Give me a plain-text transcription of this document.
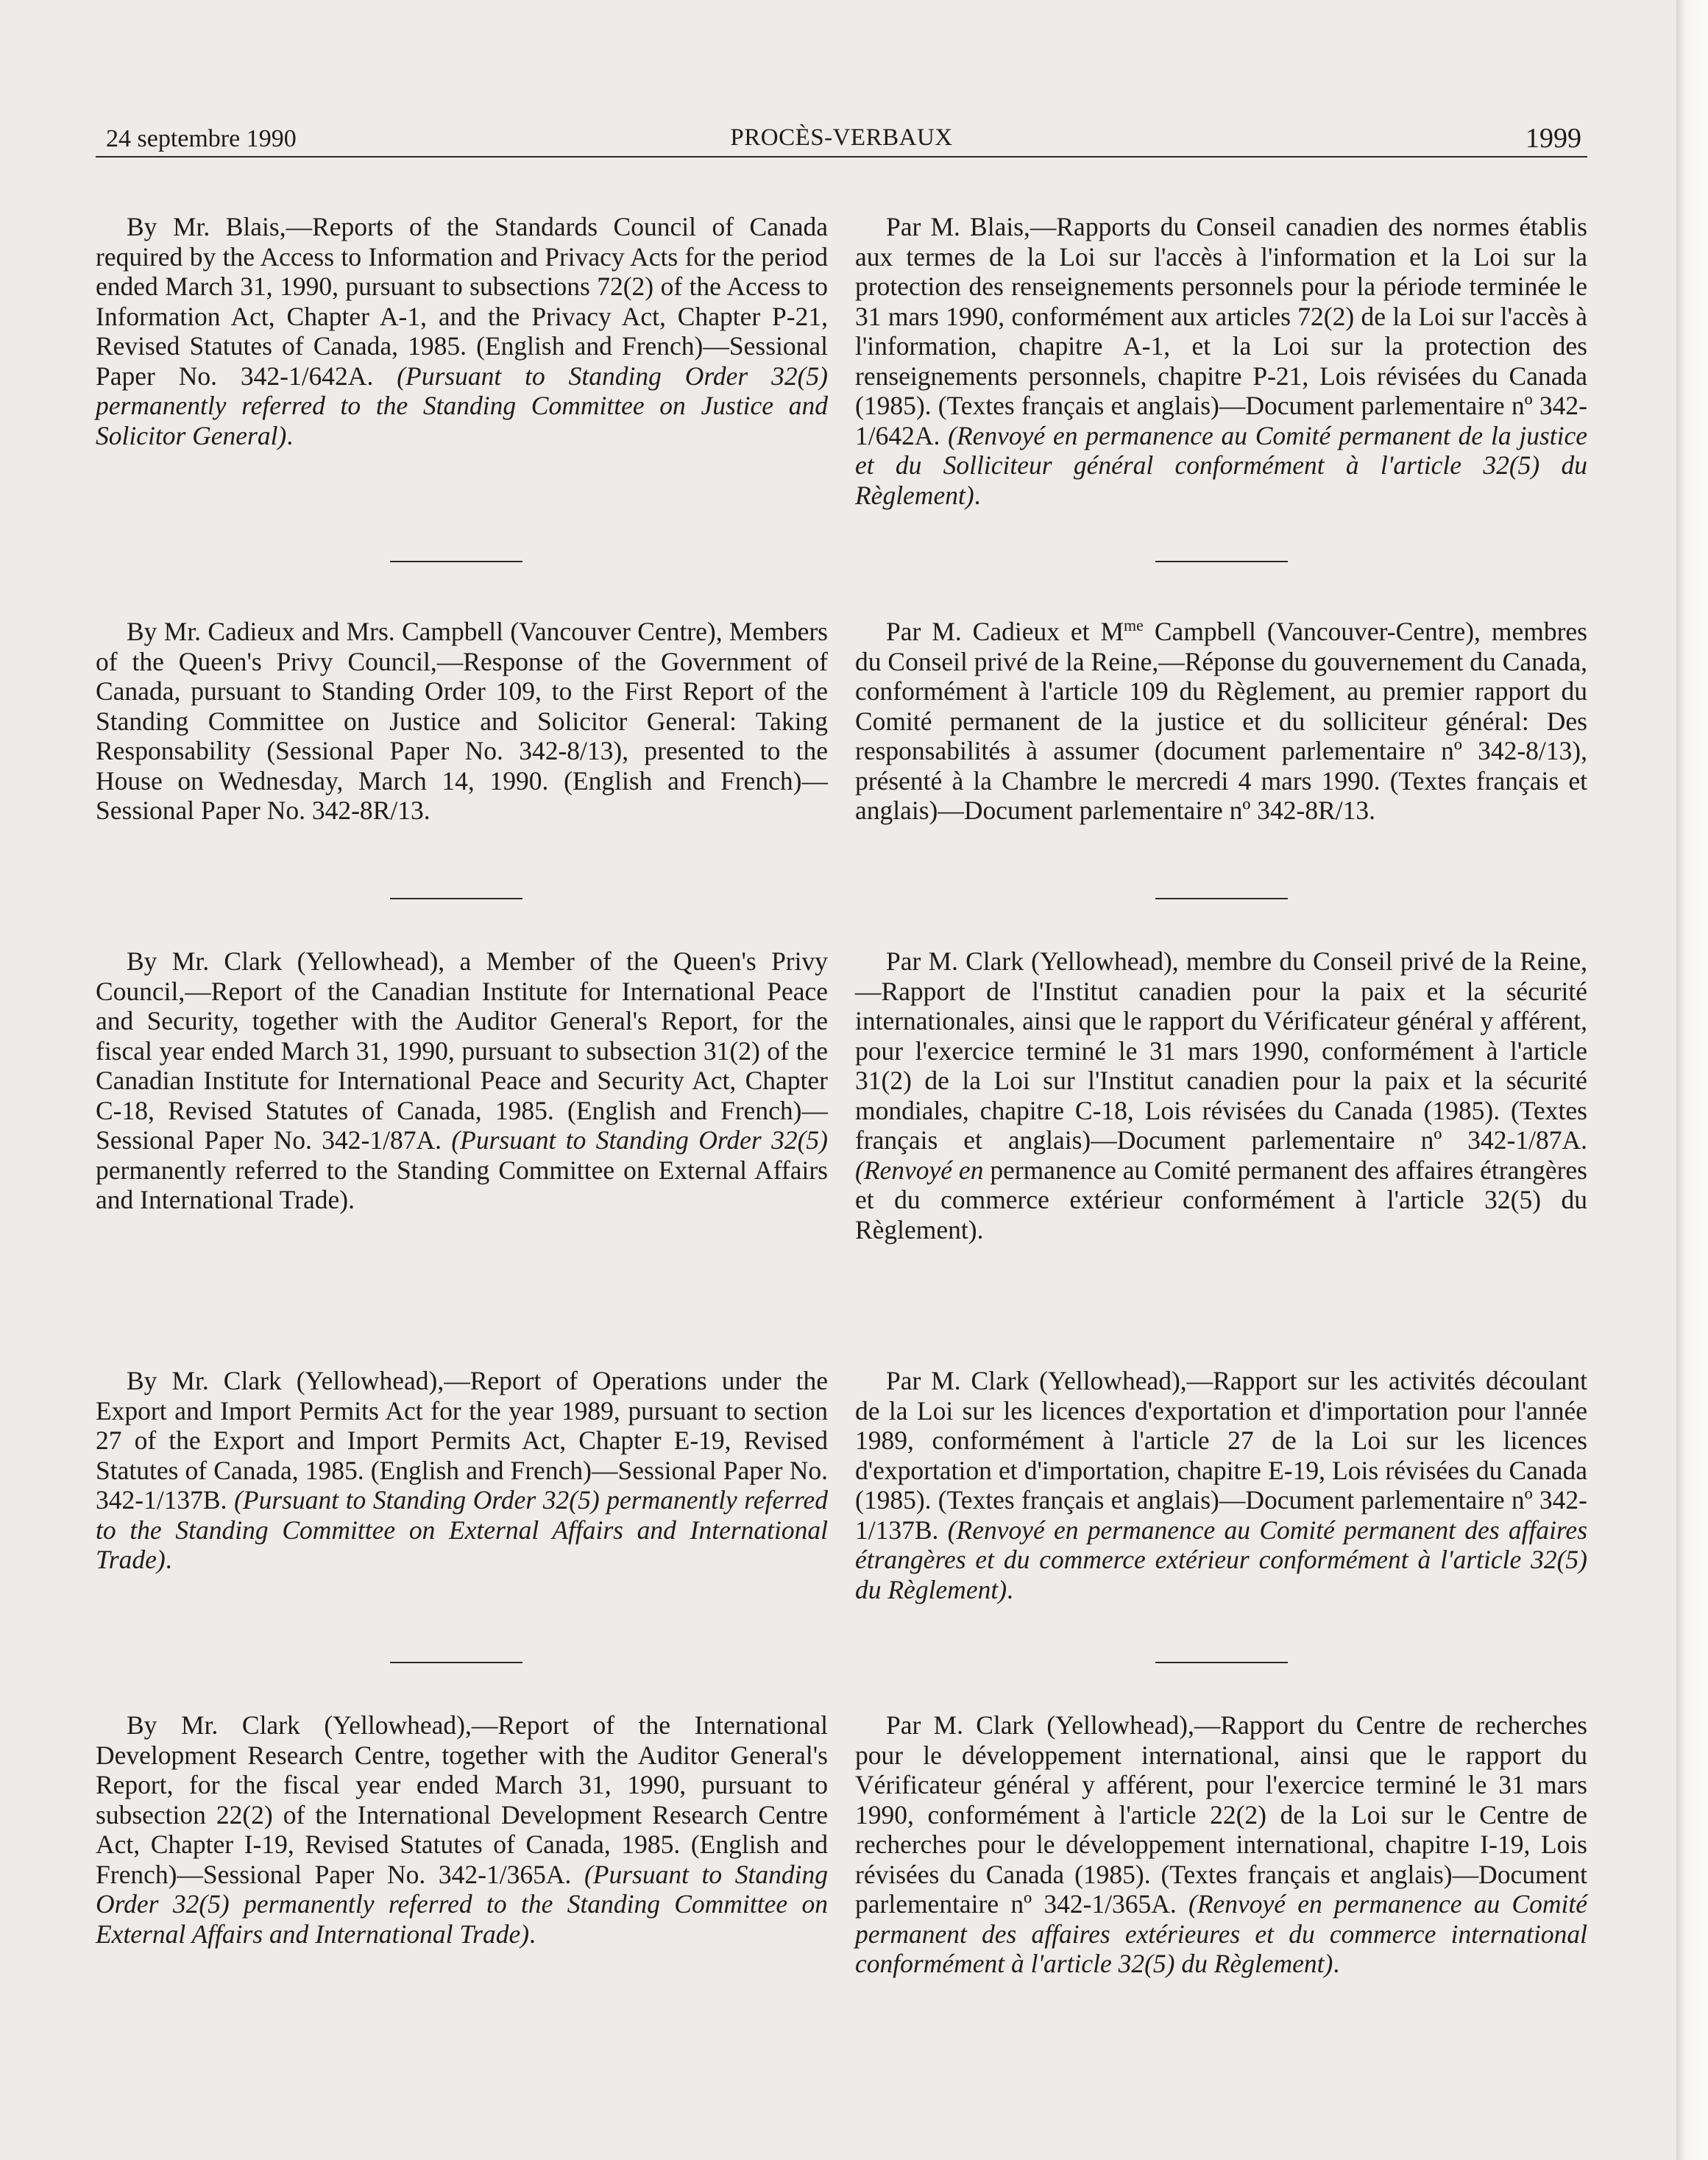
24 septembre 1990	PROCÈS-VERBAUX	1999

By Mr. Blais,—Reports of the Standards Council of Canada required by the Access to Information and Privacy Acts for the period ended March 31, 1990, pursuant to subsections 72(2) of the Access to Information Act, Chapter A-1, and the Privacy Act, Chapter P-21, Revised Statutes of Canada, 1985. (English and French)—Sessional Paper No. 342-1/642A. (Pursuant to Standing Order 32(5) permanently referred to the Standing Committee on Justice and Solicitor General).

By Mr. Cadieux and Mrs. Campbell (Vancouver Centre), Members of the Queen's Privy Council,—Response of the Government of Canada, pursuant to Standing Order 109, to the First Report of the Standing Committee on Justice and Solicitor General: Taking Responsability (Sessional Paper No. 342-8/13), presented to the House on Wednesday, March 14, 1990. (English and French)—Sessional Paper No. 342-8R/13.

By Mr. Clark (Yellowhead), a Member of the Queen's Privy Council,—Report of the Canadian Institute for International Peace and Security, together with the Auditor General's Report, for the fiscal year ended March 31, 1990, pursuant to subsection 31(2) of the Canadian Institute for International Peace and Security Act, Chapter C-18, Revised Statutes of Canada, 1985. (English and French)—Sessional Paper No. 342-1/87A. (Pursuant to Standing Order 32(5) permanently referred to the Standing Committee on External Affairs and International Trade).

By Mr. Clark (Yellowhead),—Report of Operations under the Export and Import Permits Act for the year 1989, pursuant to section 27 of the Export and Import Permits Act, Chapter E-19, Revised Statutes of Canada, 1985. (English and French)—Sessional Paper No. 342-1/137B. (Pursuant to Standing Order 32(5) permanently referred to the Standing Committee on External Affairs and International Trade).

By Mr. Clark (Yellowhead),—Report of the International Development Research Centre, together with the Auditor General's Report, for the fiscal year ended March 31, 1990, pursuant to subsection 22(2) of the International Development Research Centre Act, Chapter I-19, Revised Statutes of Canada, 1985. (English and French)—Sessional Paper No. 342-1/365A. (Pursuant to Standing Order 32(5) permanently referred to the Standing Committee on External Affairs and International Trade).

Par M. Blais,—Rapports du Conseil canadien des normes établis aux termes de la Loi sur l'accès à l'information et la Loi sur la protection des renseignements personnels pour la période terminée le 31 mars 1990, conformément aux articles 72(2) de la Loi sur l'accès à l'information, chapitre A-1, et la Loi sur la protection des renseignements personnels, chapitre P-21, Lois révisées du Canada (1985). (Textes français et anglais)—Document parlementaire nº 342-1/642A. (Renvoyé en permanence au Comité permanent de la justice et du Solliciteur général conformément à l'article 32(5) du Règlement).

Par M. Cadieux et $M^{me}$ Campbell (Vancouver-Centre), membres du Conseil privé de la Reine,—Réponse du gouvernement du Canada, conformément à l'article 109 du Règlement, au premier rapport du Comité permanent de la justice et du solliciteur général: Des responsabilités à assumer (document parlementaire nº 342-8/13), présenté à la Chambre le mercredi 4 mars 1990. (Textes français et anglais)—Document parlementaire nº 342-8R/13.

Par M. Clark (Yellowhead), membre du Conseil privé de la Reine,—Rapport de l'Institut canadien pour la paix et la sécurité internationales, ainsi que le rapport du Vérificateur général y afférent, pour l'exercice terminé le 31 mars 1990, conformément à l'article 31(2) de la Loi sur l'Institut canadien pour la paix et la sécurité mondiales, chapitre C-18, Lois révisées du Canada (1985). (Textes français et anglais)—Document parlementaire nº 342-1/87A. (Renvoyé en permanence au Comité permanent des affaires étrangères et du commerce extérieur conformément à l'article 32(5) du Règlement).

Par M. Clark (Yellowhead),—Rapport sur les activités découlant de la Loi sur les licences d'exportation et d'importation pour l'année 1989, conformément à l'article 27 de la Loi sur les licences d'exportation et d'importation, chapitre E-19, Lois révisées du Canada (1985). (Textes français et anglais)—Document parlementaire nº 342-1/137B. (Renvoyé en permanence au Comité permanent des affaires étrangères et du commerce extérieur conformément à l'article 32(5) du Règlement).

Par M. Clark (Yellowhead),—Rapport du Centre de recherches pour le développement international, ainsi que le rapport du Vérificateur général y afférent, pour l'exercice terminé le 31 mars 1990, conformément à l'article 22(2) de la Loi sur le Centre de recherches pour le développement international, chapitre I-19, Lois révisées du Canada (1985). (Textes français et anglais)—Document parlementaire nº 342-1/365A. (Renvoyé en permanence au Comité permanent des affaires extérieures et du commerce international conformément à l'article 32(5) du Règlement).
